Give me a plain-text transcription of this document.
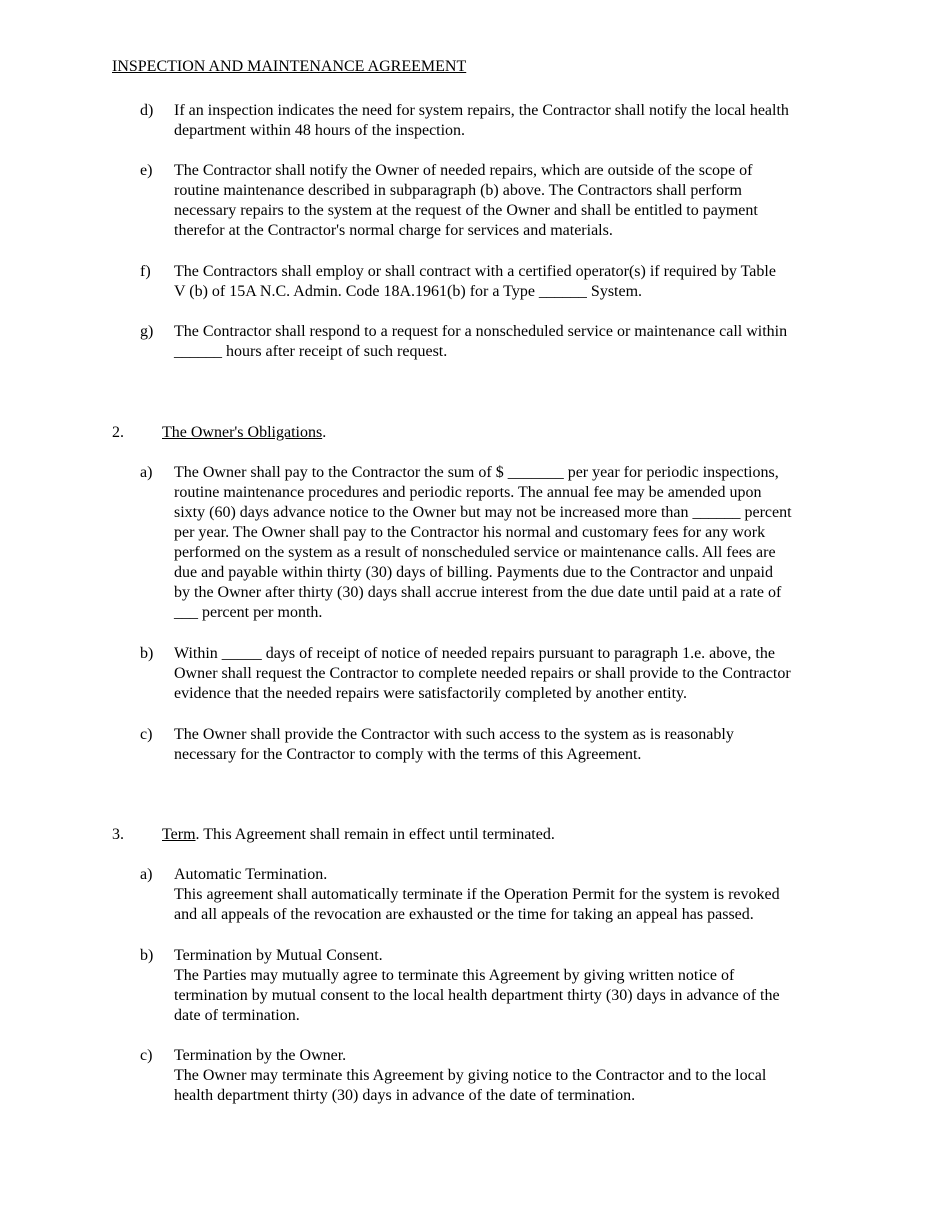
INSPECTION AND MAINTENANCE AGREEMENT
d) If an inspection indicates the need for system repairs, the Contractor shall notify the local health
department within 48 hours of the inspection.
e) The Contractor shall notify the Owner of needed repairs, which are outside of the scope of
routine maintenance described in subparagraph (b) above. The Contractors shall perform
necessary repairs to the system at the request of the Owner and shall be entitled to payment
therefor at the Contractor's normal charge for services and materials.
f) The Contractors shall employ or shall contract with a certified operator(s) if required by Table
V (b) of 15A N.C. Admin. Code 18A.1961(b) for a Type ______ System.
g) The Contractor shall respond to a request for a nonscheduled service or maintenance call within
______ hours after receipt of such request.
2. The Owner's Obligations.
a) The Owner shall pay to the Contractor the sum of $ _______ per year for periodic inspections,
routine maintenance procedures and periodic reports. The annual fee may be amended upon
sixty (60) days advance notice to the Owner but may not be increased more than ______ percent
per year. The Owner shall pay to the Contractor his normal and customary fees for any work
performed on the system as a result of nonscheduled service or maintenance calls. All fees are
due and payable within thirty (30) days of billing. Payments due to the Contractor and unpaid
by the Owner after thirty (30) days shall accrue interest from the due date until paid at a rate of
___ percent per month.
b) Within _____ days of receipt of notice of needed repairs pursuant to paragraph 1.e. above, the
Owner shall request the Contractor to complete needed repairs or shall provide to the Contractor
evidence that the needed repairs were satisfactorily completed by another entity.
c) The Owner shall provide the Contractor with such access to the system as is reasonably
necessary for the Contractor to comply with the terms of this Agreement.
3. Term. This Agreement shall remain in effect until terminated.
a) Automatic Termination.
This agreement shall automatically terminate if the Operation Permit for the system is revoked
and all appeals of the revocation are exhausted or the time for taking an appeal has passed.
b) Termination by Mutual Consent.
The Parties may mutually agree to terminate this Agreement by giving written notice of
termination by mutual consent to the local health department thirty (30) days in advance of the
date of termination.
c) Termination by the Owner.
The Owner may terminate this Agreement by giving notice to the Contractor and to the local
health department thirty (30) days in advance of the date of termination.
